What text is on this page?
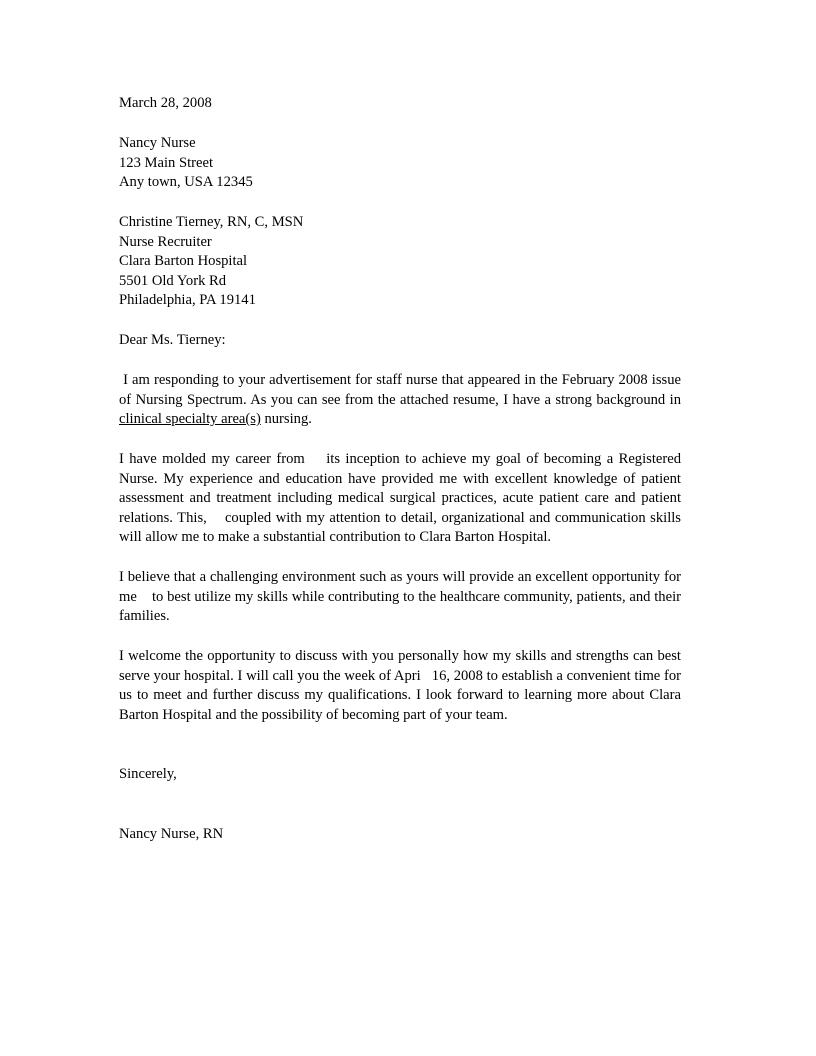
March 28, 2008
Nancy Nurse
123 Main Street
Any town, USA 12345
Christine Tierney, RN, C, MSN
Nurse Recruiter
Clara Barton Hospital
5501 Old York Rd
Philadelphia, PA 19141
Dear Ms. Tierney:

I am responding to your advertisement for staff nurse that appeared in the February 2008 issue of Nursing Spectrum. As you can see from the attached resume, I have a strong background in  clinical specialty area(s) nursing.

I have molded my career from    its inception to achieve my goal of becoming a Registered Nurse. My experience and education have provided me with excellent knowledge of patient assessment and treatment including medical surgical practices, acute patient care and patient relations. This,    coupled with my attention to detail, organizational and communication skills will allow me to make a substantial contribution to Clara Barton Hospital.

I believe that a challenging environment such as yours will provide an excellent opportunity for me    to best utilize my skills while contributing to the healthcare community, patients, and their families.

I welcome the opportunity to discuss with you personally how my skills and strengths can best serve your hospital. I will call you the week of Apri   16, 2008 to establish a convenient time for us to meet and further discuss my qualifications. I look forward to learning more about Clara Barton Hospital and the possibility of becoming part of your team.

Sincerely,
Nancy Nurse, RN
